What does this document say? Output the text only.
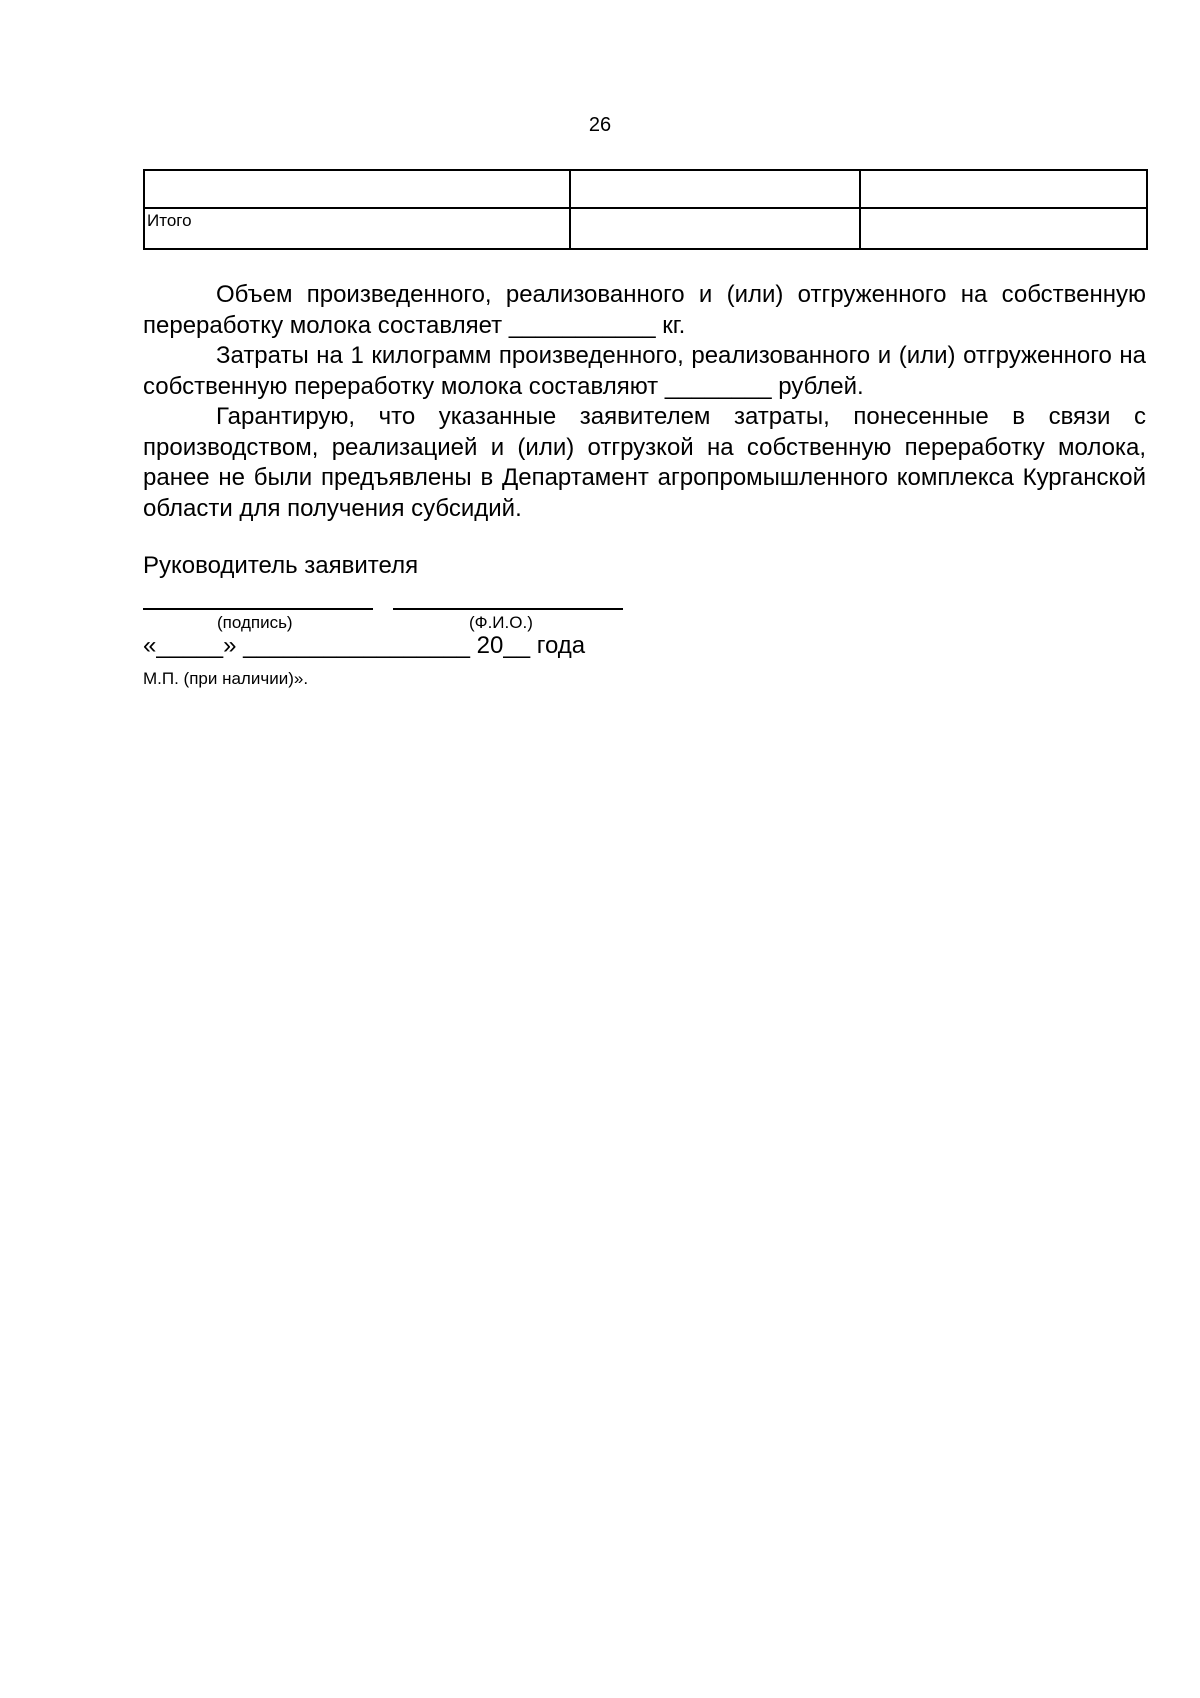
26

Итого		

Объем произведенного, реализованного и (или) отгруженного на собственную переработку молока составляет ___________ кг.

Затраты на 1 килограмм произведенного, реализованного и (или) отгруженного на собственную переработку молока составляют ________ рублей.

Гарантирую, что указанные заявителем затраты, понесенные в связи с производством, реализацией и (или) отгрузкой на собственную переработку молока, ранее не были предъявлены в Департамент агропромышленного комплекса Курганской области для получения субсидий.

Руководитель заявителя
(подпись)	(Ф.И.О.)
«_____» _________________ 20__ года
М.П. (при наличии)».
